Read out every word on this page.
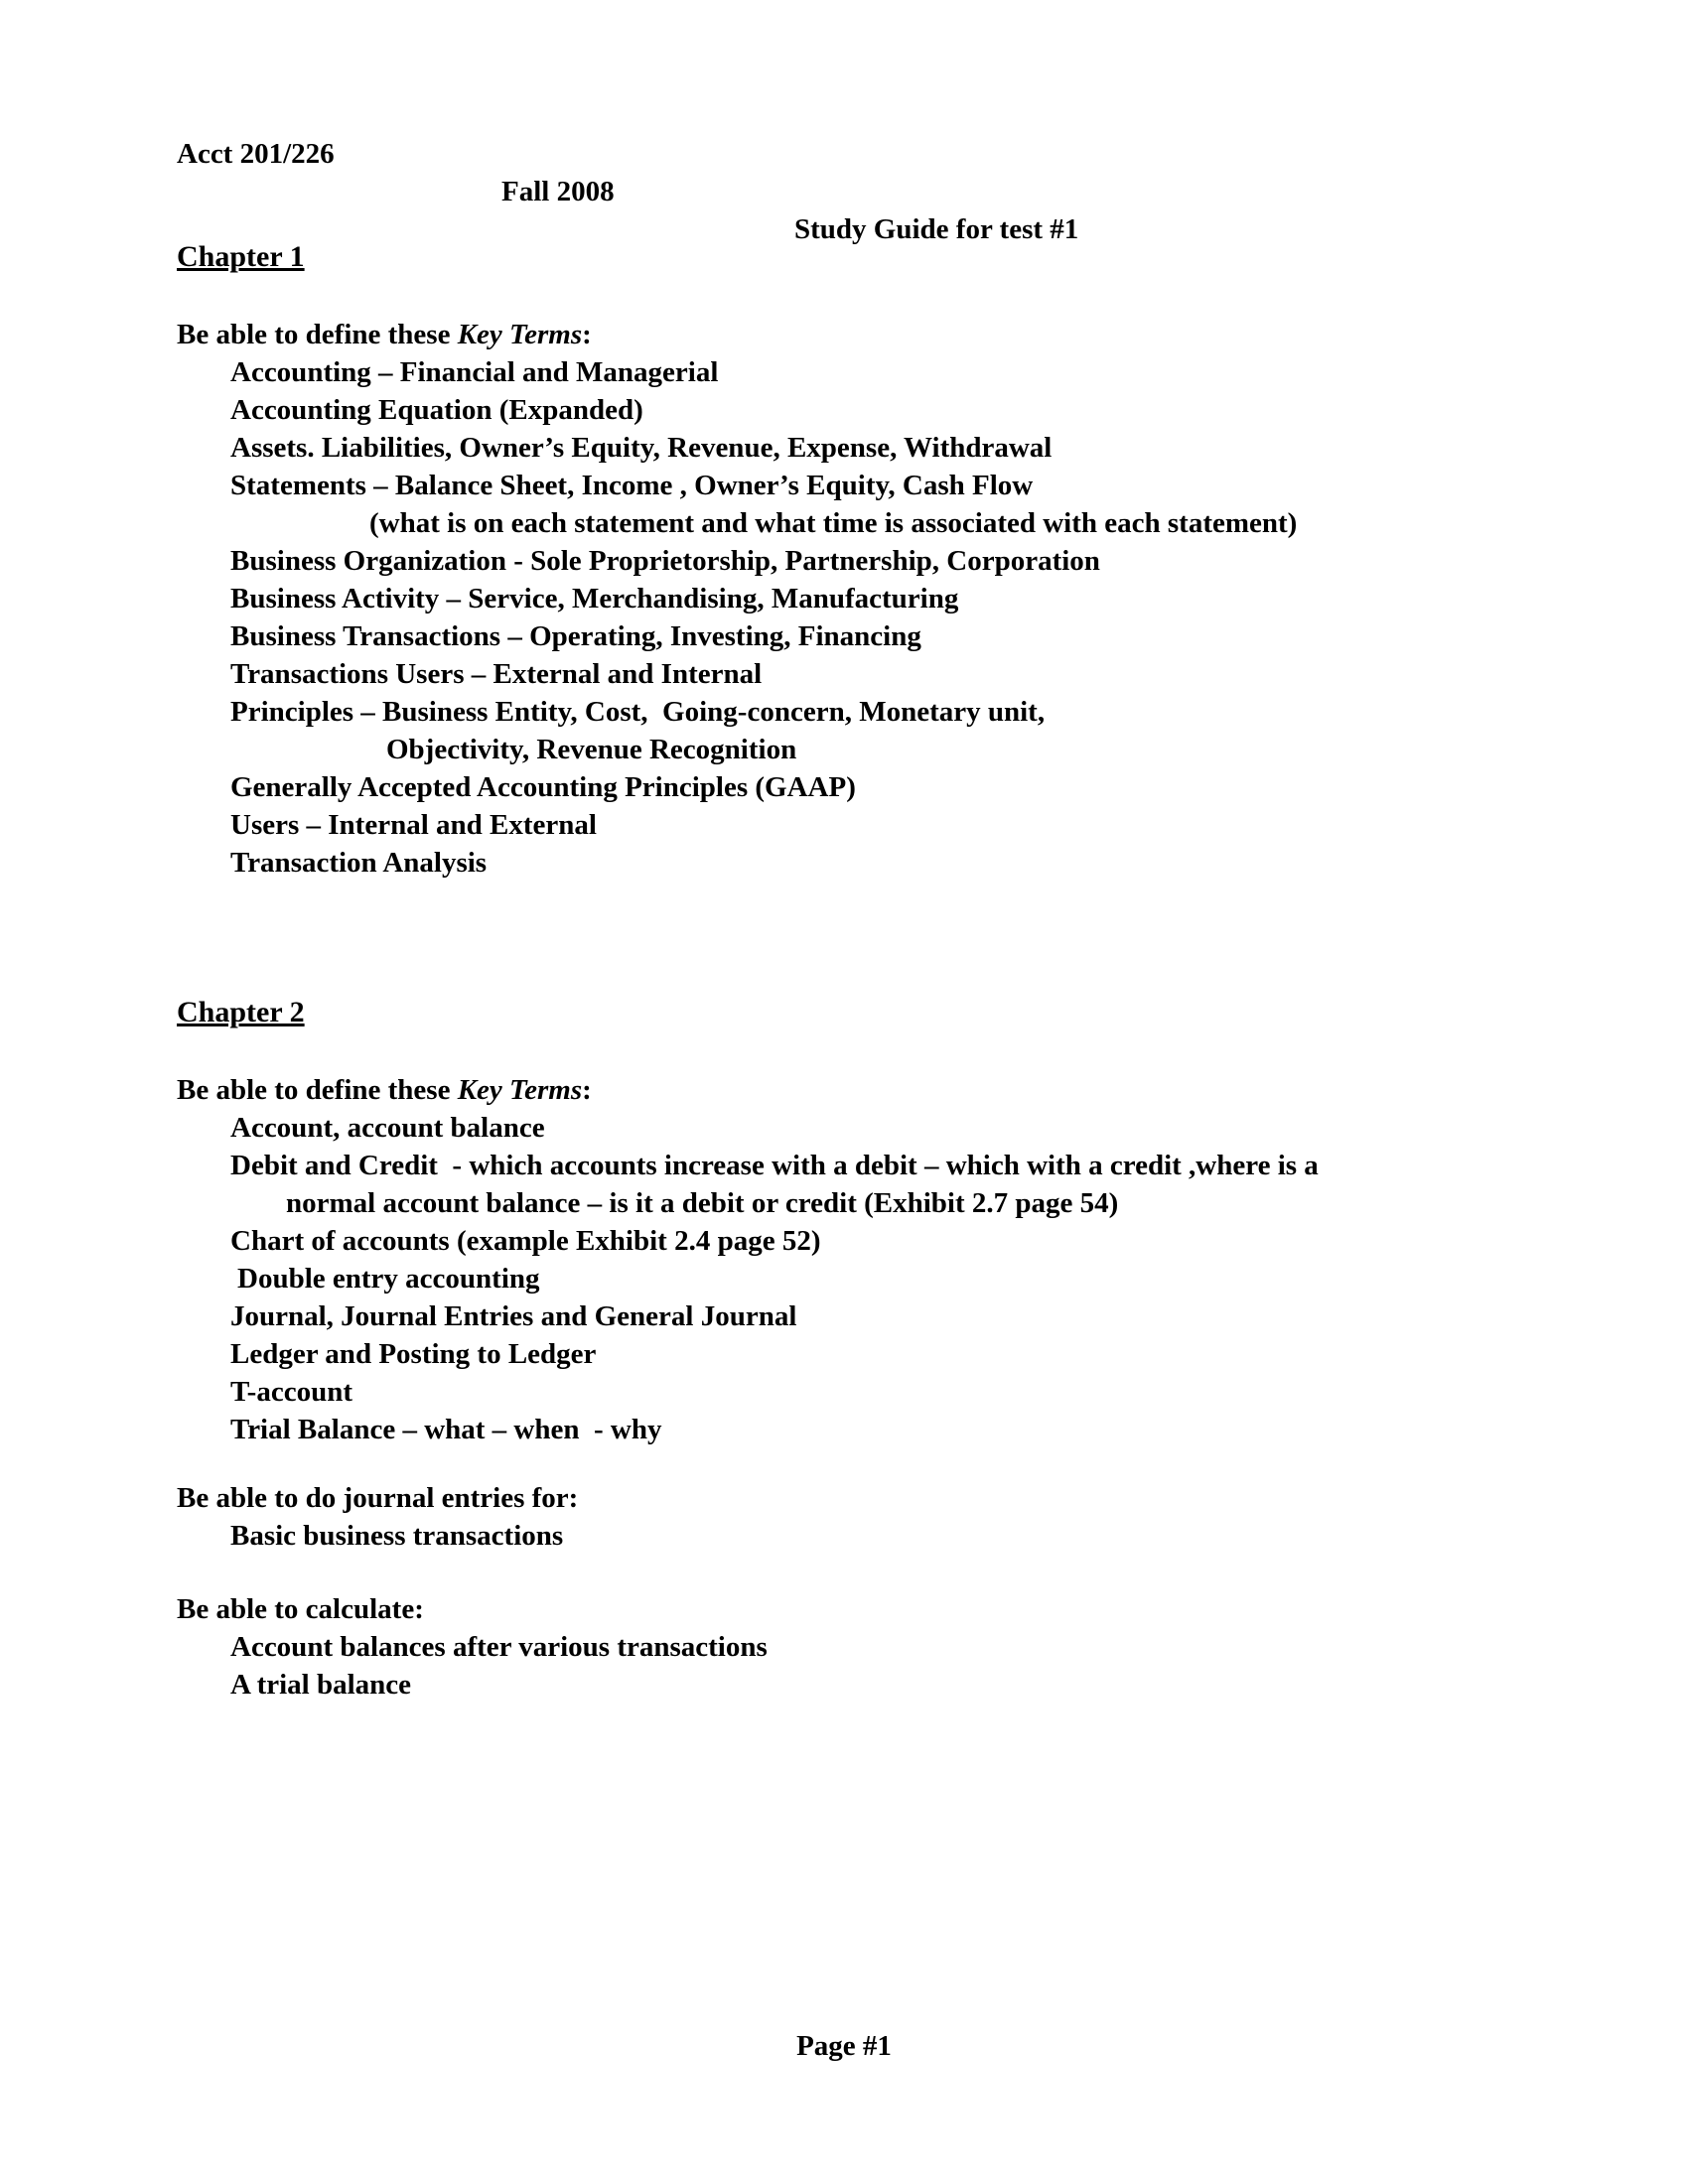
Acct 201/226

Fall 2008

Study Guide for test #1

Chapter 1

Be able to define these Key Terms:

Accounting – Financial and Managerial
Accounting Equation (Expanded)
Assets. Liabilities, Owner’s Equity, Revenue, Expense, Withdrawal
Statements – Balance Sheet, Income , Owner’s Equity, Cash Flow
(what is on each statement and what time is associated with each statement)
Business Organization - Sole Proprietorship, Partnership, Corporation
Business Activity – Service, Merchandising, Manufacturing
Business Transactions – Operating, Investing, Financing
Transactions Users – External and Internal
Principles – Business Entity, Cost,  Going-concern, Monetary unit,
Objectivity, Revenue Recognition
Generally Accepted Accounting Principles (GAAP)
Users – Internal and External
Transaction Analysis
Chapter 2

Be able to define these Key Terms:

Account, account balance
Debit and Credit  - which accounts increase with a debit – which with a credit ,where is a
normal account balance – is it a debit or credit (Exhibit 2.7 page 54)
Chart of accounts (example Exhibit 2.4 page 52)
Double entry accounting
Journal, Journal Entries and General Journal
Ledger and Posting to Ledger
T-account
Trial Balance – what – when  - why

Be able to do journal entries for:

Basic business transactions

Be able to calculate:

Account balances after various transactions
A trial balance
Page #1
